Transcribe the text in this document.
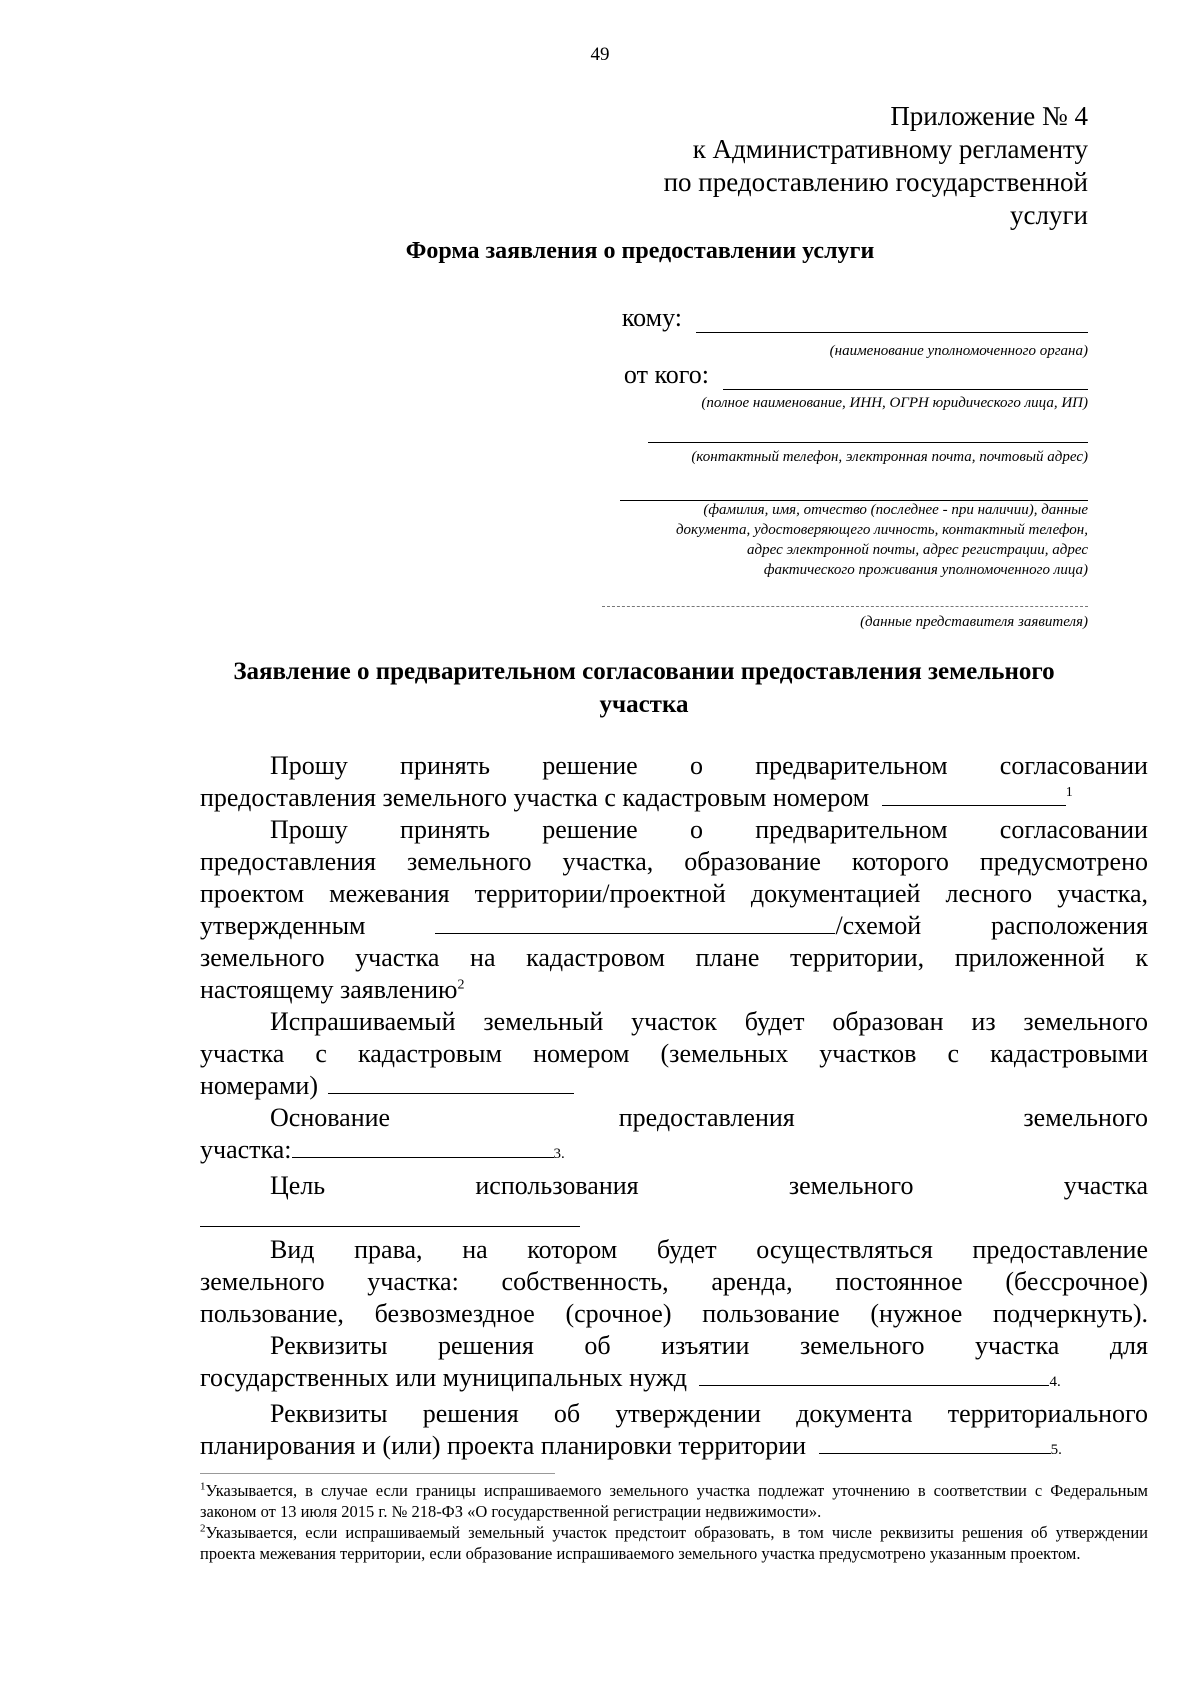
49
Приложение № 4
к Административному регламенту
по предоставлению государственной
услуги
Форма заявления о предоставлении услуги
кому:
(наименование уполномоченного органа)
от кого:
(полное наименование, ИНН, ОГРН юридического лица, ИП)
(контактный телефон, электронная почта, почтовый адрес)
(фамилия, имя, отчество (последнее - при наличии), данные
документа, удостоверяющего личность, контактный телефон,
адрес электронной почты, адрес регистрации, адрес
фактического проживания уполномоченного лица)
(данные представителя заявителя)
Заявление о предварительном согласовании предоставления земельного
участка
Прошу принять решение о предварительном согласовании
предоставления земельного участка с кадастровым номером	$^1$
Прошу принять решение о предварительном согласовании
предоставления земельного участка, образование которого предусмотрено
проектом межевания территории/проектной документацией лесного участка,
утвержденным	/схемой	расположения
земельного участка на кадастровом плане территории, приложенной к
настоящему заявлению$^2$
Испрашиваемый земельный участок будет образован из земельного
участка с кадастровым номером (земельных участков с кадастровыми
номерами)
Основание	предоставления	земельного
участка:	3.
Цель	использования	земельного	участка
Вид права, на котором будет осуществляться предоставление
земельного участка: собственность, аренда, постоянное (бессрочное)
пользование, безвозмездное (срочное) пользование (нужное подчеркнуть).
Реквизиты решения об изъятии земельного участка для
государственных или муниципальных нужд	4.
Реквизиты решения об утверждении документа территориального
планирования и (или) проекта планировки территории	5.
$^1$Указывается, в случае если границы испрашиваемого земельного участка подлежат уточнению в соответствии с Федеральным законом от 13 июля 2015 г. № 218-ФЗ «О государственной регистрации недвижимости».
$^2$Указывается, если испрашиваемый земельный участок предстоит образовать, в том числе реквизиты решения об утверждении проекта межевания территории, если образование испрашиваемого земельного участка предусмотрено указанным проектом.
